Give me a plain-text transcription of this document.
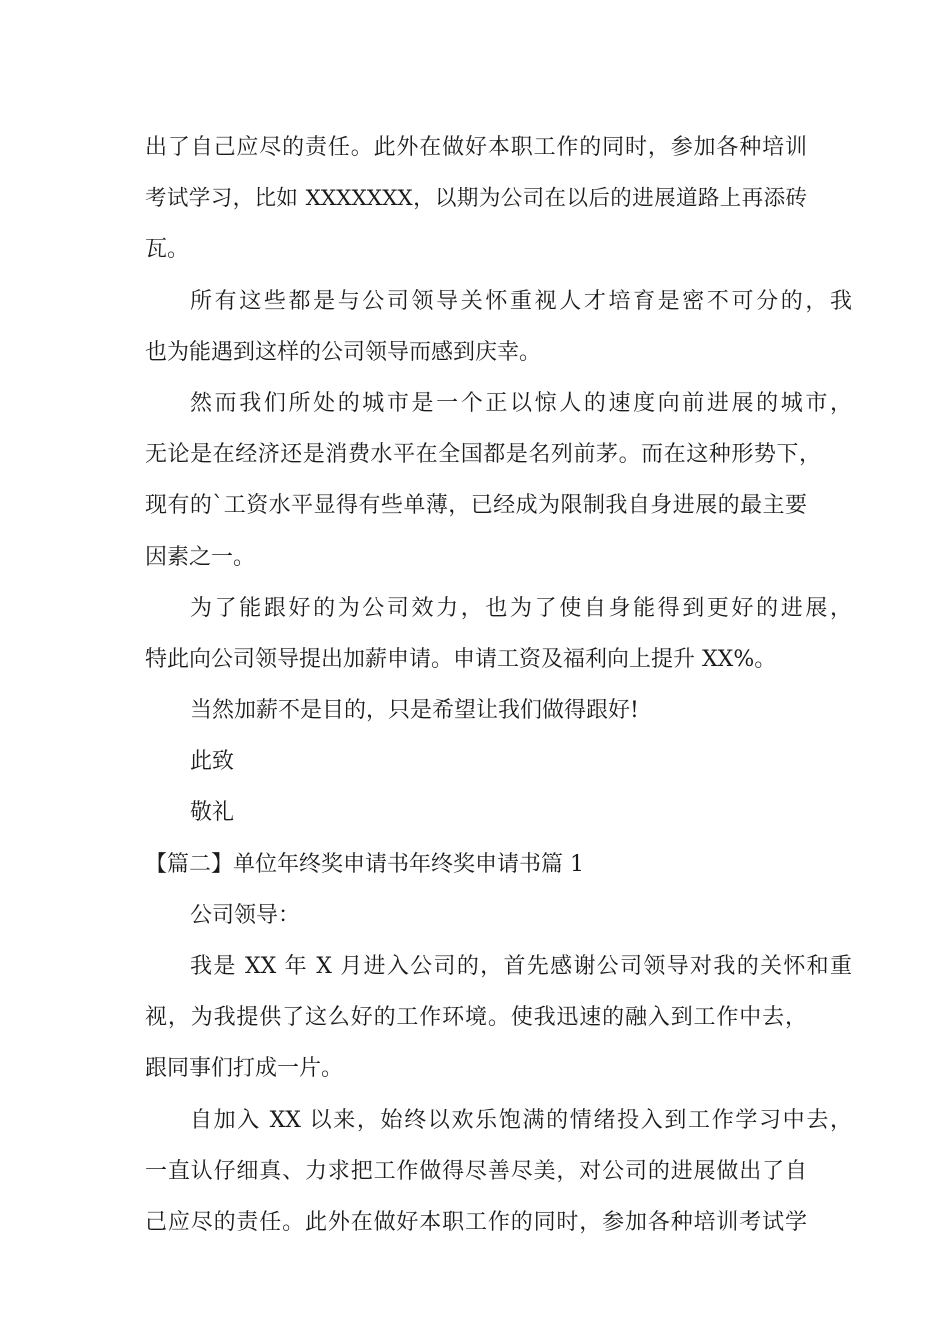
出了自己应尽的责任。此外在做好本职工作的同时，参加各种培训
考试学习，比如 XXXXXXX，以期为公司在以后的进展道路上再添砖
瓦。
所有这些都是与公司领导关怀重视人才培育是密不可分的，我
也为能遇到这样的公司领导而感到庆幸。
然而我们所处的城市是一个正以惊人的速度向前进展的城市，
无论是在经济还是消费水平在全国都是名列前茅。而在这种形势下，
现有的`工资水平显得有些单薄，已经成为限制我自身进展的最主要
因素之一。
为了能跟好的为公司效力，也为了使自身能得到更好的进展，
特此向公司领导提出加薪申请。申请工资及福利向上提升 XX%。
当然加薪不是目的，只是希望让我们做得跟好!
此致
敬礼
【篇二】单位年终奖申请书年终奖申请书篇 1
公司领导：
我是 XX 年 X 月进入公司的，首先感谢公司领导对我的关怀和重
视，为我提供了这么好的工作环境。使我迅速的融入到工作中去，
跟同事们打成一片。
自加入 XX 以来，始终以欢乐饱满的情绪投入到工作学习中去，
一直认仔细真、力求把工作做得尽善尽美，对公司的进展做出了自
己应尽的责任。此外在做好本职工作的同时，参加各种培训考试学
